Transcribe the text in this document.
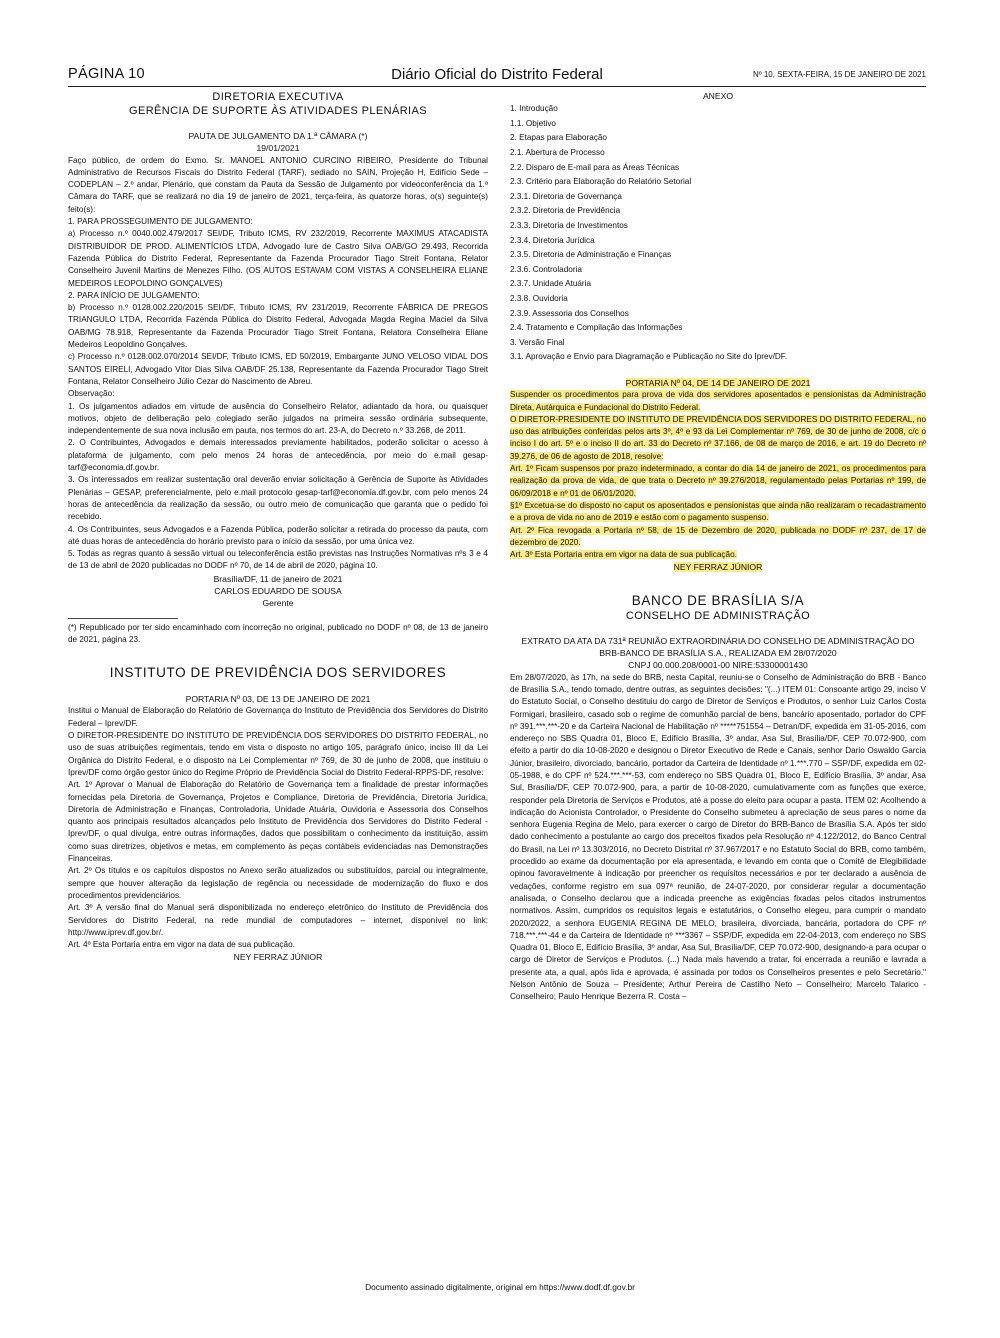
PÁGINA 10	Diário Oficial do Distrito Federal	Nº 10, SEXTA-FEIRA, 15 DE JANEIRO DE 2021
DIRETORIA EXECUTIVA
GERÊNCIA DE SUPORTE ÀS ATIVIDADES PLENÁRIAS
PAUTA DE JULGAMENTO DA 1.ª CÂMARA (*)
19/01/2021

Faço público, de ordem do Exmo. Sr. MANOEL ANTONIO CURCINO RIBEIRO, Presidente do Tribunal Administrativo de Recursos Fiscais do Distrito Federal (TARF), sediado no SAIN, Projeção H, Edifício Sede – CODEPLAN – 2.º andar, Plenário, que constam da Pauta da Sessão de Julgamento por videoconferência da 1.ª Câmara do TARF, que se realizará no dia 19 de janeiro de 2021, terça-feira, às quatorze horas, o(s) seguinte(s) feito(s):

1. PARA PROSSEGUIMENTO DE JULGAMENTO:

a) Processo n.º 0040.002.479/2017 SEI/DF, Tributo ICMS, RV 232/2019, Recorrente MAXIMUS ATACADISTA DISTRIBUIDOR DE PROD. ALIMENTÍCIOS LTDA, Advogado Iure de Castro Silva OAB/GO 29.493, Recorrida Fazenda Pública do Distrito Federal, Representante da Fazenda Procurador Tiago Streit Fontana, Relator Conselheiro Juvenil Martins de Menezes Filho. (OS AUTOS ESTAVAM COM VISTAS A CONSELHEIRA ELIANE MEDEIROS LEOPOLDINO GONÇALVES)

2. PARA INÍCIO DE JULGAMENTO:

b) Processo n.º 0128.002.220/2015 SEI/DF, Tributo ICMS, RV 231/2019, Recorrente FÁBRICA DE PREGOS TRIANGULO LTDA, Recorrida Fazenda Pública do Distrito Federal, Advogada Magda Regina Maciel da Silva OAB/MG 78.918, Representante da Fazenda Procurador Tiago Streit Fontana, Relatora Conselheira Eliane Medeiros Leopoldino Gonçalves.

c) Processo n.º 0128.002.070/2014 SEI/DF, Tributo ICMS, ED 50/2019, Embargante JUNO VELOSO VIDAL DOS SANTOS EIRELI, Advogado Vitor Dias Silva OAB/DF 25.138, Representante da Fazenda Procurador Tiago Streit Fontana, Relator Conselheiro Júlio Cezar do Nascimento de Abreu.

Observação:

1. Os julgamentos adiados em virtude de ausência do Conselheiro Relator, adiantado da hora, ou quaisquer motivos, objeto de deliberação pelo colegiado serão julgados na primeira sessão ordinária subsequente, independentemente de sua nova inclusão em pauta, nos termos do art. 23-A, do Decreto n.º 33.268, de 2011.

2. O Contribuintes, Advogados e demais interessados previamente habilitados, poderão solicitar o acesso à plataforma de julgamento, com pelo menos 24 horas de antecedência, por meio do e.mail gesap-tarf@economia.df.gov.br.

3. Os interessados em realizar sustentação oral deverão enviar solicitação à Gerência de Suporte às Atividades Plenárias – GESAP, preferencialmente, pelo e.mail protocolo gesap-tarf@economia.df.gov.br, com pelo menos 24 horas de antecedência da realização da sessão, ou outro meio de comunicação que garanta que o pedido foi recebido.

4. Os Contribuintes, seus Advogados e a Fazenda Pública, poderão solicitar a retirada do processo da pauta, com até duas horas de antecedência do horário previsto para o início da sessão, por uma única vez.

5. Todas as regras quanto à sessão virtual ou teleconferência estão previstas nas Instruções Normativas nºs 3 e 4 de 13 de abril de 2020 publicadas no DODF nº 70, de 14 de abril de 2020, página 10.

Brasília/DF, 11 de janeiro de 2021
CARLOS EDUARDO DE SOUSA
Gerente

(*) Republicado por ter sido encaminhado com incorreção no original, publicado no DODF nº 08, de 13 de janeiro de 2021, página 23.

INSTITUTO DE PREVIDÊNCIA DOS SERVIDORES
PORTARIA Nº 03, DE 13 DE JANEIRO DE 2021

Institui o Manual de Elaboração do Relatório de Governança do Instituto de Previdência dos Servidores do Distrito Federal – Iprev/DF.

O DIRETOR-PRESIDENTE DO INSTITUTO DE PREVIDÊNCIA DOS SERVIDORES DO DISTRITO FEDERAL, no uso de suas atribuições regimentais, tendo em vista o disposto no artigo 105, parágrafo único, inciso III da Lei Orgânica do Distrito Federal, e o disposto na Lei Complementar nº 769, de 30 de junho de 2008, que instituiu o Iprev/DF como órgão gestor único do Regime Próprio de Previdência Social do Distrito Federal-RPPS-DF, resolve:

Art. 1º Aprovar o Manual de Elaboração do Relatório de Governança tem a finalidade de prestar informações fornecidas pela Diretoria de Governança, Projetos e Compliance, Diretoria de Previdência, Diretoria Jurídica, Diretoria de Administração e Finanças, Controladoria, Unidade Atuária, Ouvidoria e Assessoria dos Conselhos quanto aos principais resultados alcançados pelo Instituto de Previdência dos Servidores do Distrito Federal - Iprev/DF, o qual divulga, entre outras informações, dados que possibilitam o conhecimento da instituição, assim como suas diretrizes, objetivos e metas, em complemento às peças contábeis evidenciadas nas Demonstrações Financeiras.

Art. 2º Os títulos e os capítulos dispostos no Anexo serão atualizados ou substituídos, parcial ou integralmente, sempre que houver alteração da legislação de regência ou necessidade de modernização do fluxo e dos procedimentos previdenciários.

Art. 3º A versão final do Manual será disponibilizada no endereço eletrônico do Instituto de Previdência dos Servidores do Distrito Federal, na rede mundial de computadores – internet, disponível no link: http://www.iprev.df.gov.br/.

Art. 4º Esta Portaria entra em vigor na data de sua publicação.

NEY FERRAZ JÚNIOR
ANEXO
1. Introdução
1.1. Objetivo
2. Etapas para Elaboração
2.1. Abertura de Processo
2.2. Disparo de E-mail para as Áreas Técnicas
2.3. Critério para Elaboração do Relatório Setorial
2.3.1. Diretoria de Governança
2.3.2. Diretoria de Previdência
2.3.3. Diretoria de Investimentos
2.3.4. Diretoria Jurídica
2.3.5. Diretoria de Administração e Finanças
2.3.6. Controladoria
2.3.7. Unidade Atuária
2.3.8. Ouvidoria
2.3.9. Assessoria dos Conselhos
2.4. Tratamento e Compilação das Informações
3. Versão Final
3.1. Aprovação e Envio para Diagramação e Publicação no Site do Iprev/DF.
PORTARIA Nº 04, DE 14 DE JANEIRO DE 2021

Suspender os procedimentos para prova de vida dos servidores aposentados e pensionistas da Administração Direta, Autárquica e Fundacional do Distrito Federal.

O DIRETOR-PRESIDENTE DO INSTITUTO DE PREVIDÊNCIA DOS SERVIDORES DO DISTRITO FEDERAL, no uso das atribuições conferidas pelos arts 3º, 4º e 93 da Lei Complementar nº 769, de 30 de junho de 2008, c/c o inciso I do art. 5º e o inciso II do art. 33 do Decreto nº 37.166, de 08 de março de 2016, e art. 19 do Decreto nº 39.276, de 06 de agosto de 2018, resolve:

Art. 1º Ficam suspensos por prazo indeterminado, a contar do dia 14 de janeiro de 2021, os procedimentos para realização da prova de vida, de que trata o Decreto nº 39.276/2018, regulamentado pelas Portarias nº 199, de 06/09/2018 e nº 01 de 06/01/2020.

§1º Excetua-se do disposto no caput os aposentados e pensionistas que ainda não realizaram o recadastramento e a prova de vida no ano de 2019 e estão com o pagamento suspenso.

Art. 2º Fica revogada a Portaria nº 58, de 15 de Dezembro de 2020, publicada no DODF nº 237, de 17 de dezembro de 2020.

Art. 3º Esta Portaria entra em vigor na data de sua publicação.

NEY FERRAZ JÚNIOR
BANCO DE BRASÍLIA S/A
CONSELHO DE ADMINISTRAÇÃO
EXTRATO DA ATA DA 731ª REUNIÃO EXTRAORDINÁRIA DO CONSELHO DE ADMINISTRAÇÃO DO BRB-BANCO DE BRASÍLIA S.A., REALIZADA EM 28/07/2020
CNPJ 00.000.208/0001-00 NIRE:53300001430

Em 28/07/2020, às 17h, na sede do BRB, nesta Capital, reuniu-se o Conselho de Administração do BRB - Banco de Brasília S.A., tendo tomado, dentre outras, as seguintes decisões: "(...) ITEM 01: Consoante artigo 29, inciso V do Estatuto Social, o Conselho destituiu do cargo de Diretor de Serviços e Produtos, o senhor Luiz Carlos Costa Formigari, brasileiro, casado sob o regime de comunhão parcial de bens, bancário aposentado, portador do CPF nº 391.***.***-20 e da Carteira Nacional de Habilitação nº *****751554 – Detran/DF, expedida em 31-05-2016, com endereço no SBS Quadra 01, Bloco E, Edifício Brasília, 3º andar, Asa Sul, Brasília/DF, CEP 70.072-900, com efeito a partir do dia 10-08-2020 e designou o Diretor Executivo de Rede e Canais, senhor Dario Oswaldo Garcia Júnior, brasileiro, divorciado, bancário, portador da Carteira de Identidade nº 1.***.770 – SSP/DF, expedida em 02-05-1988, e do CPF nº 524.***.***-53, com endereço no SBS Quadra 01, Bloco E, Edifício Brasília, 3º andar, Asa Sul, Brasília/DF, CEP 70.072-900, para, a partir de 10-08-2020, cumulativamente com as funções que exerce, responder pela Diretoria de Serviços e Produtos, até a posse do eleito para ocupar a pasta. ITEM 02: Acolhendo a indicação do Acionista Controlador, o Presidente do Conselho submeteu à apreciação de seus pares o nome da senhora Eugenia Regina de Melo, para exercer o cargo de Diretor do BRB-Banco de Brasília S.A. Após ter sido dado conhecimento a postulante ao cargo dos preceitos fixados pela Resolução nº 4.122/2012, do Banco Central do Brasil, na Lei nº 13.303/2016, no Decreto Distrital nº 37.967/2017 e no Estatuto Social do BRB, como também, procedido ao exame da documentação por ela apresentada, e levando em conta que o Comitê de Elegibilidade opinou favoravelmente à indicação por preencher os requisitos necessários e por ter declarado a ausência de vedações, conforme registro em sua 097ª reunião, de 24-07-2020, por considerar regular a documentação analisada, o Conselho declarou que a indicada preenche as exigências fixadas pelos citados instrumentos normativos. Assim, cumpridos os requisitos legais e estatutários, o Conselho elegeu, para cumprir o mandato 2020/2022, a senhora EUGENIA REGINA DE MELO, brasileira, divorciada, bancária, portadora do CPF nº 718.***.***-44 e da Carteira de Identidade nº ***3367 – SSP/DF, expedida em 22-04-2013, com endereço no SBS Quadra 01, Bloco E, Edifício Brasília, 3º andar, Asa Sul, Brasília/DF, CEP 70.072-900, designando-a para ocupar o cargo de Diretor de Serviços e Produtos. (...) Nada mais havendo a tratar, foi encerrada a reunião e lavrada a presente ata, a qual, após lida e aprovada, é assinada por todos os Conselheiros presentes e pelo Secretário." Nelson Antônio de Souza – Presidente; Arthur Pereira de Castilho Neto – Conselheiro; Marcelo Talarico - Conselheiro; Paulo Henrique Bezerra R. Costa –

Documento assinado digitalmente, original em https://www.dodf.df.gov.br
